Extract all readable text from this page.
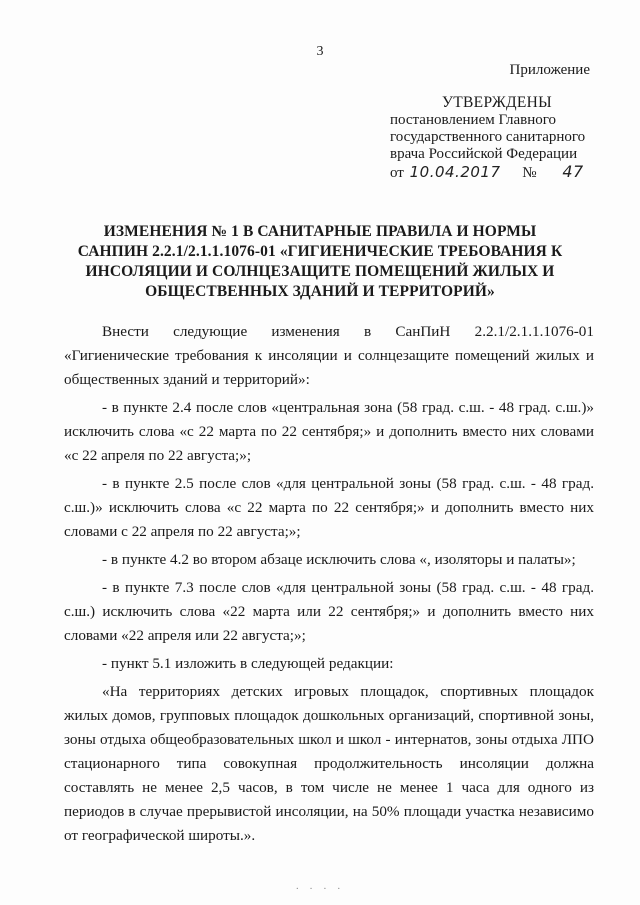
3
Приложение
УТВЕРЖДЕНЫ
постановлением Главного
государственного санитарного
врача Российской Федерации
от 10.04.2017 № 47
ИЗМЕНЕНИЯ № 1 В САНИТАРНЫЕ ПРАВИЛА И НОРМЫ
САНПИН 2.2.1/2.1.1.1076-01 «ГИГИЕНИЧЕСКИЕ ТРЕБОВАНИЯ К
ИНСОЛЯЦИИ И СОЛНЦЕЗАЩИТЕ ПОМЕЩЕНИЙ ЖИЛЫХ И
ОБЩЕСТВЕННЫХ ЗДАНИЙ И ТЕРРИТОРИЙ»

Внести следующие изменения в СанПиН 2.2.1/2.1.1.1076-01 «Гигиенические требования к инсоляции и солнцезащите помещений жилых и общественных зданий и территорий»:

- в пункте 2.4 после слов «центральная зона (58 град. с.ш. - 48 град. с.ш.)» исключить слова «с 22 марта по 22 сентября;» и дополнить вместо них словами «с 22 апреля по 22 августа;»;

- в пункте 2.5 после слов «для центральной зоны (58 град. с.ш. - 48 град. с.ш.)» исключить слова «с 22 марта по 22 сентября;» и дополнить вместо них словами с 22 апреля по 22 августа;»;

- в пункте 4.2 во втором абзаце исключить слова «, изоляторы и палаты»;

- в пункте 7.3 после слов «для центральной зоны (58 град. с.ш. - 48 град. с.ш.) исключить слова «22 марта или 22 сентября;» и дополнить вместо них словами «22 апреля или 22 августа;»;

- пункт 5.1 изложить в следующей редакции:

«На территориях детских игровых площадок, спортивных площадок жилых домов, групповых площадок дошкольных организаций, спортивной зоны, зоны отдыха общеобразовательных школ и школ - интернатов, зоны отдыха ЛПО стационарного типа совокупная продолжительность инсоляции должна составлять не менее 2,5 часов, в том числе не менее 1 часа для одного из периодов в случае прерывистой инсоляции, на 50% площади участка независимо от географической широты.».

· · · ·
